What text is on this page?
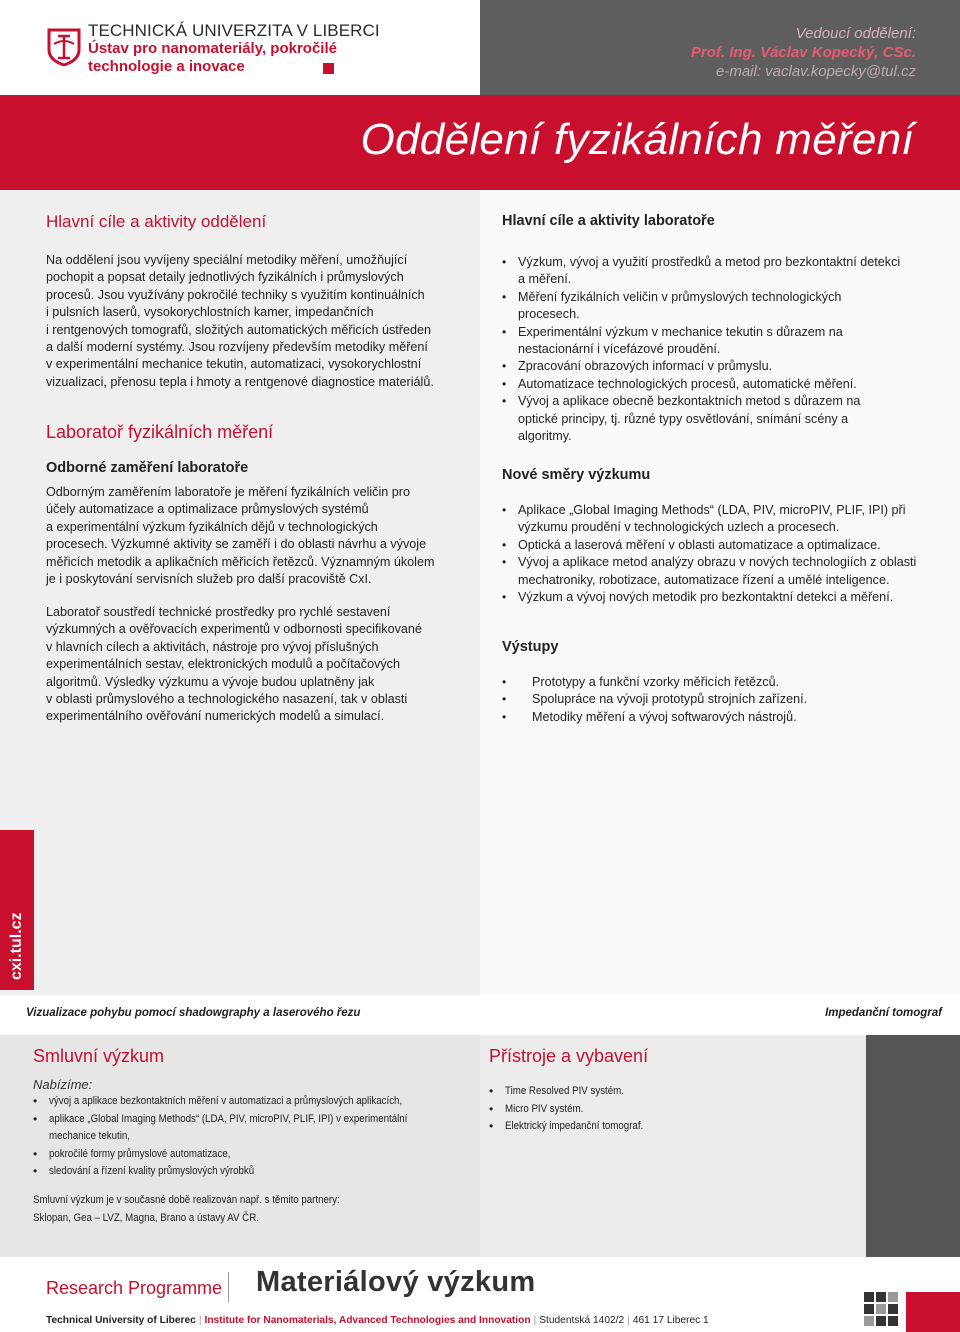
TECHNICKÁ UNIVERZITA V LIBERCI
Ústav pro nanomateriály, pokročilé
technologie a inovace
Vedoucí oddělení:
Prof. Ing. Václav Kopecký, CSc.
e-mail: vaclav.kopecky@tul.cz
Oddělení fyzikálních měření
cxi.tul.cz
Hlavní cíle a aktivity oddělení
Na oddělení jsou vyvíjeny speciální metodiky měření, umožňující
pochopit a popsat detaily jednotlivých fyzikálních i průmyslových
procesů. Jsou využívány pokročilé techniky s využitím kontinuálních
i pulsních laserů, vysokorychlostních kamer, impedančních
i rentgenových tomografů, složitých automatických měřicích ústředen
a další moderní systémy. Jsou rozvíjeny především metodiky měření
v experimentální mechanice tekutin, automatizaci, vysokorychlostní
vizualizaci, přenosu tepla i hmoty a rentgenové diagnostice materiálů.
Laboratoř fyzikálních měření
Odborné zaměření laboratoře
Odborným zaměřením laboratoře je měření fyzikálních veličin pro
účely automatizace a optimalizace průmyslových systémů
a experimentální výzkum fyzikálních dějů v technologických
procesech. Výzkumné aktivity se zaměří i do oblasti návrhu a vývoje
měřicích metodik a aplikačních měřicích řetězců. Významným úkolem
je i poskytování servisních služeb pro další pracoviště CxI.
Laboratoř soustředí technické prostředky pro rychlé sestavení
výzkumných a ověřovacích experimentů v odbornosti specifikované
v hlavních cílech a aktivitách, nástroje pro vývoj příslušných
experimentálních sestav, elektronických modulů a počítačových
algoritmů. Výsledky výzkumu a vývoje budou uplatněny jak
v oblasti průmyslového a technologického nasazení, tak v oblasti
experimentálního ověřování numerických modelů a simulací.
Hlavní cíle a aktivity laboratoře
• Výzkum, vývoj a využití prostředků a metod pro bezkontaktní detekci a měření.
• Měření fyzikálních veličin v průmyslových technologických procesech.
• Experimentální výzkum v mechanice tekutin s důrazem na nestacionární i vícefázové proudění.
• Zpracování obrazových informací v průmyslu.
• Automatizace technologických procesů, automatické měření.
• Vývoj a aplikace obecně bezkontaktních metod s důrazem na optické principy, tj. různé typy osvětlování, snímání scény a algoritmy.
Nové směry výzkumu
• Aplikace „Global Imaging Methods“ (LDA, PIV, microPIV, PLIF, IPI) při výzkumu proudění v technologických uzlech a procesech.
• Optická a laserová měření v oblasti automatizace a optimalizace.
• Vývoj a aplikace metod analýzy obrazu v nových technologiích z oblasti mechatroniky, robotizace, automatizace řízení a umělé inteligence.
• Výzkum a vývoj nových metodik pro bezkontaktní detekci a měření.
Výstupy
• Prototypy a funkční vzorky měřicích řetězců.
• Spolupráce na vývoji prototypů strojních zařízení.
• Metodiky měření a vývoj softwarových nástrojů.
Vizualizace pohybu pomocí shadowgraphy a laserového řezu	Impedanční tomograf
Smluvní výzkum
Nabízíme:
• vývoj a aplikace bezkontaktních měření v automatizaci a průmyslových aplikacích,
• aplikace „Global Imaging Methods“ (LDA, PIV, microPIV, PLIF, IPI) v experimentální mechanice tekutin,
• pokročilé formy průmyslové automatizace,
• sledování a řízení kvality průmyslových výrobků
Smluvní výzkum je v současné době realizován např. s těmito partnery:
Sklopan, Gea – LVZ, Magna, Brano a ústavy AV ČR.
Přístroje a vybavení
• Time Resolved PIV systém.
• Micro PIV systém.
• Elektrický impedanční tomograf.
Research Programme Materiálový výzkum
Technical University of Liberec | Institute for Nanomaterials, Advanced Technologies and Innovation | Studentská 1402/2 | 461 17 Liberec 1
